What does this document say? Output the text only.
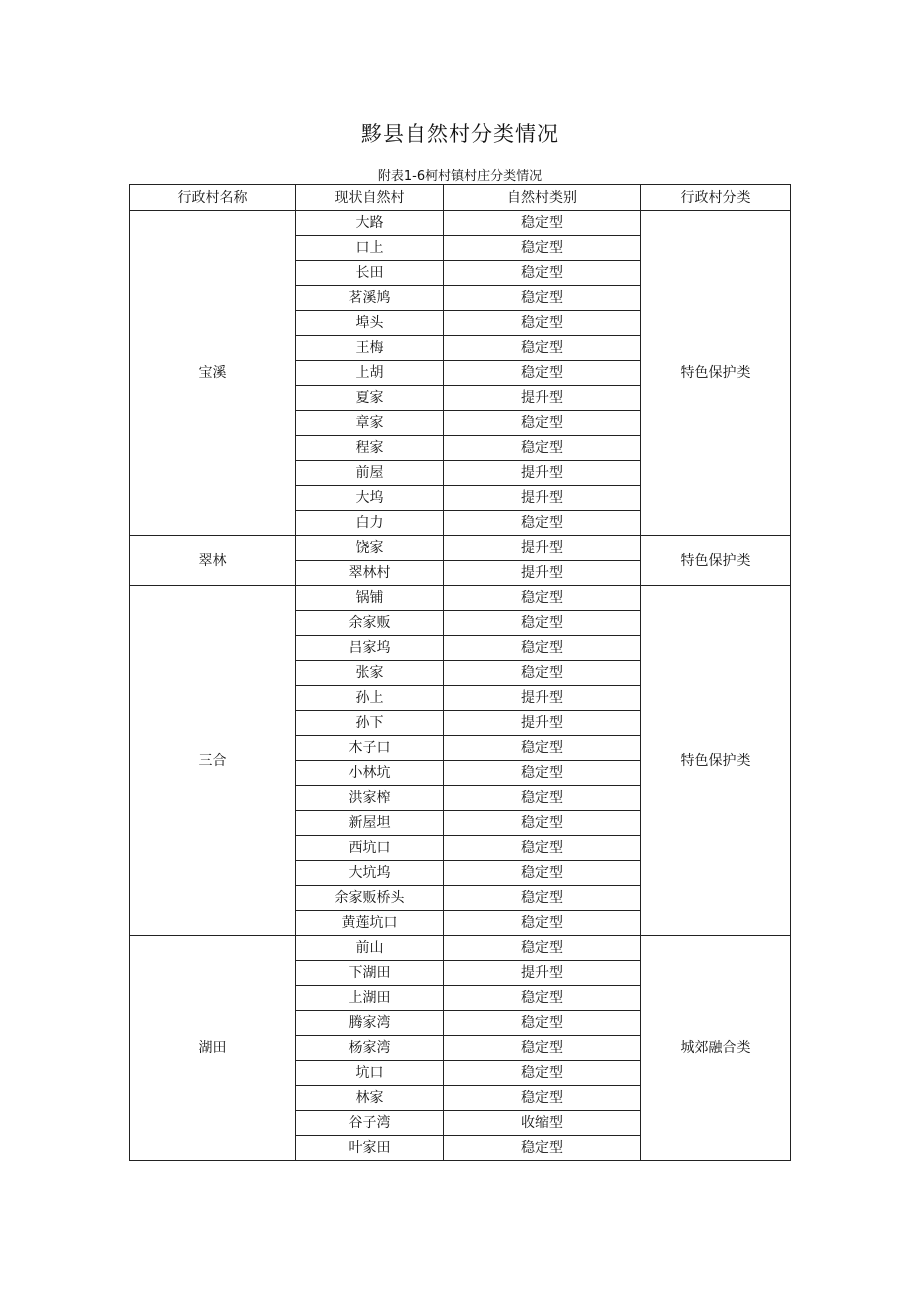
黟县自然村分类情况
附表1-6柯村镇村庄分类情况
行政村名称	现状自然村	自然村类别	行政村分类
宝溪	大路	稳定型	特色保护类
	口上	稳定型	
	长田	稳定型	
	茗溪鸠	稳定型	
	埠头	稳定型	
	王梅	稳定型	
	上胡	稳定型	
	夏家	提升型	
	章家	稳定型	
	程家	稳定型	
	前屋	提升型	
	大坞	提升型	
	白力	稳定型	
翠林	饶家	提升型	特色保护类
	翠林村	提升型	
三合	锅铺	稳定型	特色保护类
	余家贩	稳定型	
	吕家坞	稳定型	
	张家	稳定型	
	孙上	提升型	
	孙下	提升型	
	木子口	稳定型	
	小林坑	稳定型	
	洪家榨	稳定型	
	新屋坦	稳定型	
	西坑口	稳定型	
	大坑坞	稳定型	
	余家贩桥头	稳定型	
	黄莲坑口	稳定型	
湖田	前山	稳定型	城郊融合类
	下湖田	提升型	
	上湖田	稳定型	
	腾家湾	稳定型	
	杨家湾	稳定型	
	坑口	稳定型	
	林家	稳定型	
	谷子湾	收缩型	
	叶家田	稳定型	
